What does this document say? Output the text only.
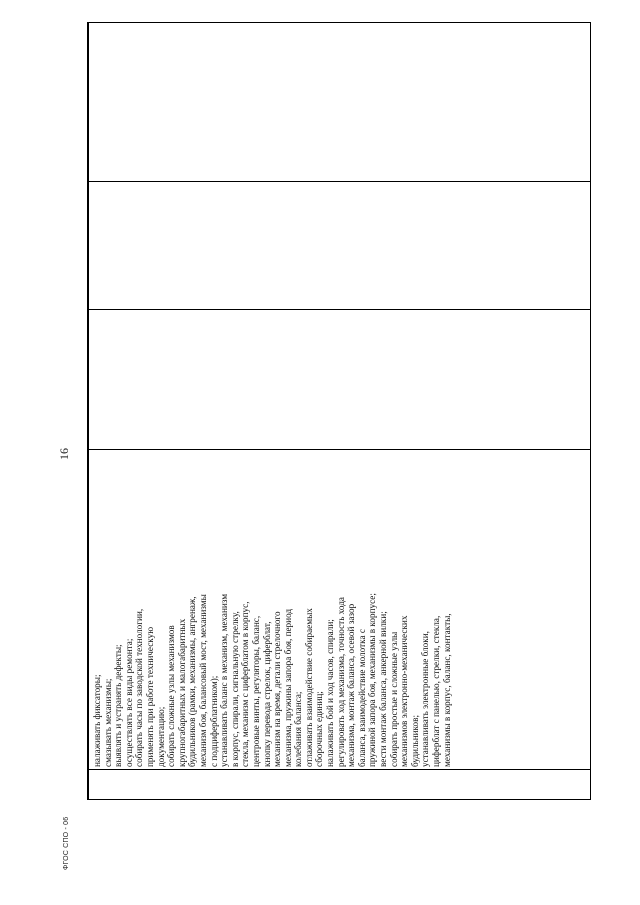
ФГОС СПО - 06
16
налаживать фиксаторы; смазывать механизмы; выявлять и устранять дефекты; осуществлять все виды ремонта; собирать часы по заводской технологии, применять при работе техническую документацию; собирать сложные узлы механизмов крупногабаритных и малогабаритных будильников (рамки, механизмы, ангренаж, механизм боя, балансовый мост, механизмы с подциферблатником); устанавливать баланс в механизм, механизм в корпус, спирали, сигнальную стрелку, стекла, механизм с циферблатом в корпус, центровые винты, регуляторы, баланс, кнопку перевода стрелок, циферблат, механизм на время, детали стрелочного механизма, пружины запора боя, период колебания баланса; отлаживать взаимодействие собираемых сборочных единиц; налаживать бой и ход часов, спирали; регулировать ход механизма, точность хода механизма, монтаж баланса, осевой зазор баланса, взаимодействие молотка с пружиной запора боя, механизмы в корпусе; вести монтаж баланса, анкерной вилки; собирать простые и сложные узлы механизмов электронно-механических будильников; устанавливать электронные блоки, циферблат с панелью, стрелки, стекла, механизмы в корпус, баланс, контакты,
